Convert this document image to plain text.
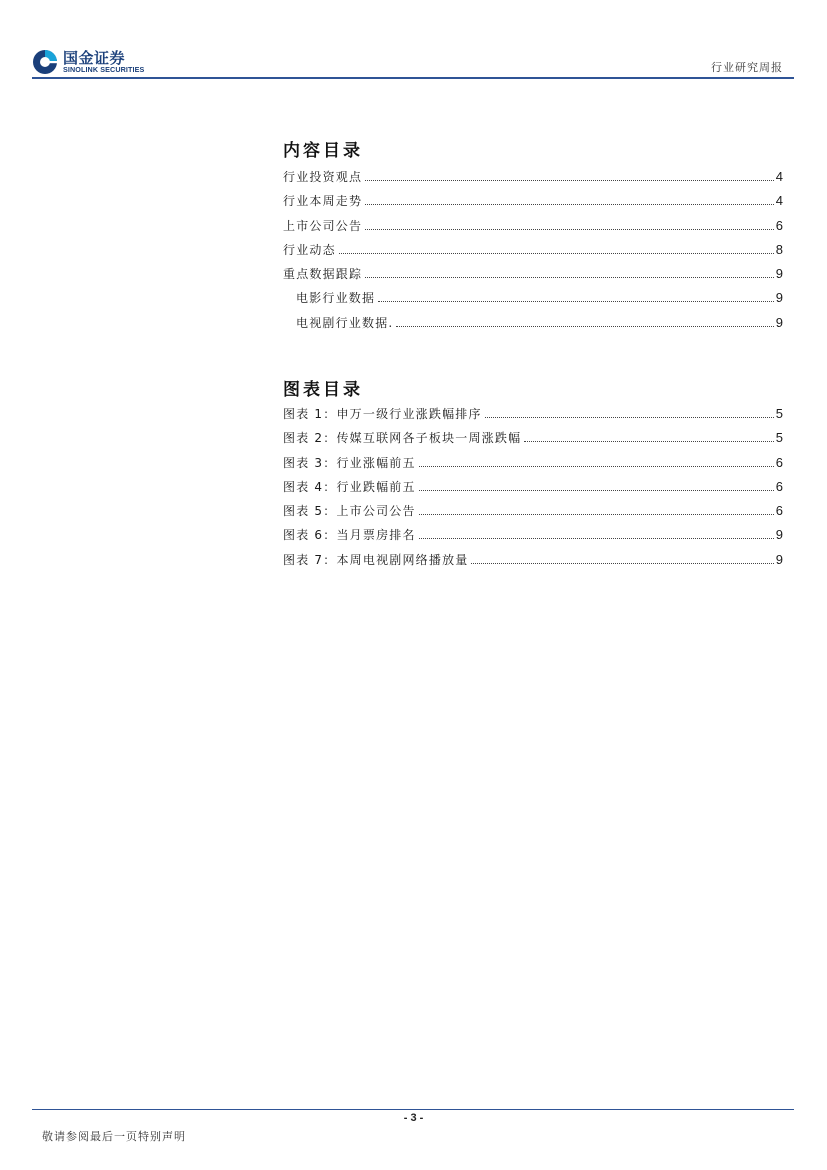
国金证券
SINOLINK SECURITIES	行业研究周报
内容目录
行业投资观点	4
行业本周走势	4
上市公司公告	6
行业动态	8
重点数据跟踪	9
电影行业数据	9
电视剧行业数据.	9
图表目录
图表 1：申万一级行业涨跌幅排序	5
图表 2：传媒互联网各子板块一周涨跌幅	5
图表 3：行业涨幅前五	6
图表 4：行业跌幅前五	6
图表 5：上市公司公告	6
图表 6：当月票房排名	9
图表 7：本周电视剧网络播放量	9
- 3 -
敬请参阅最后一页特别声明
